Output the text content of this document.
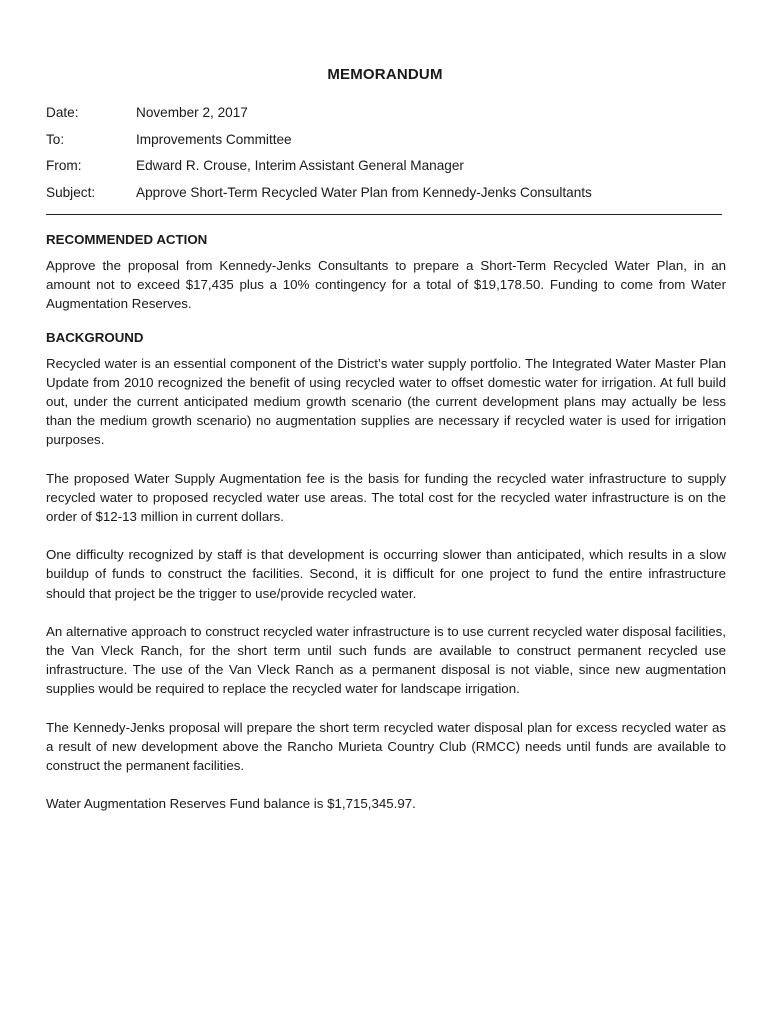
MEMORANDUM
Date:	November 2, 2017
To:	Improvements Committee
From:	Edward R. Crouse, Interim Assistant General Manager
Subject:	Approve Short-Term Recycled Water Plan from Kennedy-Jenks Consultants
RECOMMENDED ACTION

Approve the proposal from Kennedy-Jenks Consultants to prepare a Short-Term Recycled Water Plan, in an amount not to exceed $17,435 plus a 10% contingency for a total of $19,178.50. Funding to come from Water Augmentation Reserves.

BACKGROUND

Recycled water is an essential component of the District’s water supply portfolio. The Integrated Water Master Plan Update from 2010 recognized the benefit of using recycled water to offset domestic water for irrigation. At full build out, under the current anticipated medium growth scenario (the current development plans may actually be less than the medium growth scenario) no augmentation supplies are necessary if recycled water is used for irrigation purposes.

The proposed Water Supply Augmentation fee is the basis for funding the recycled water infrastructure to supply recycled water to proposed recycled water use areas. The total cost for the recycled water infrastructure is on the order of $12-13 million in current dollars.

One difficulty recognized by staff is that development is occurring slower than anticipated, which results in a slow buildup of funds to construct the facilities. Second, it is difficult for one project to fund the entire infrastructure should that project be the trigger to use/provide recycled water.

An alternative approach to construct recycled water infrastructure is to use current recycled water disposal facilities, the Van Vleck Ranch, for the short term until such funds are available to construct permanent recycled use infrastructure. The use of the Van Vleck Ranch as a permanent disposal is not viable, since new augmentation supplies would be required to replace the recycled water for landscape irrigation.

The Kennedy-Jenks proposal will prepare the short term recycled water disposal plan for excess recycled water as a result of new development above the Rancho Murieta Country Club (RMCC) needs until funds are available to construct the permanent facilities.

Water Augmentation Reserves Fund balance is $1,715,345.97.
